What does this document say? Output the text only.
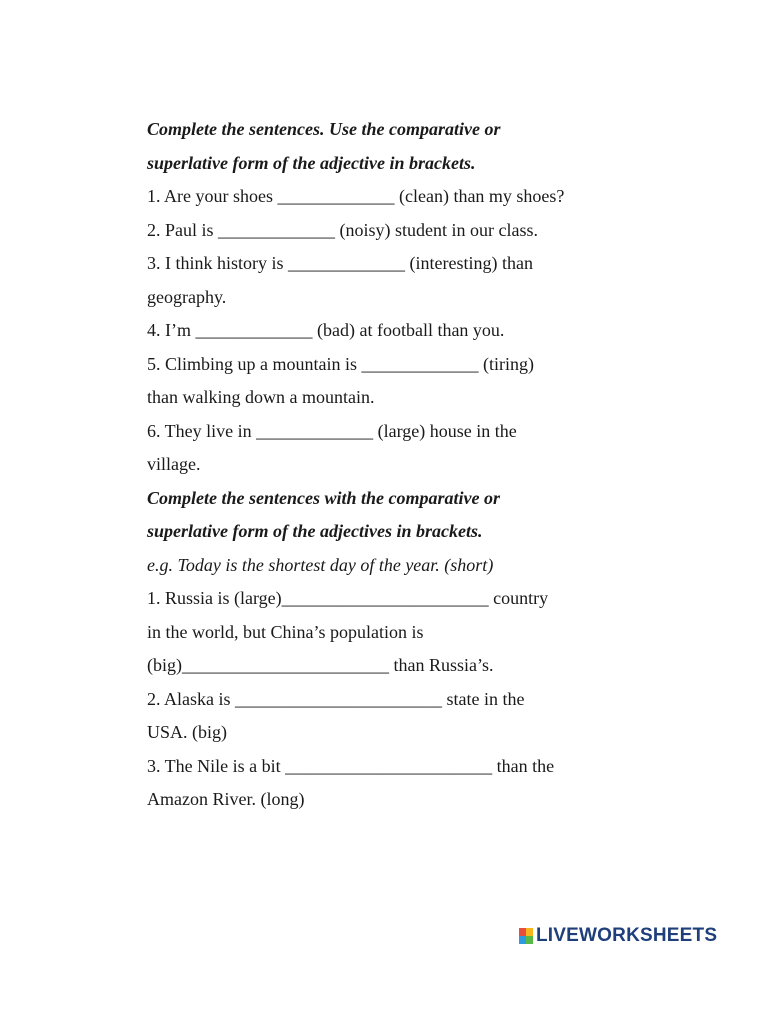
Complete the sentences. Use the comparative or
superlative form of the adjective in brackets.
1. Are your shoes _____________ (clean) than my shoes?
2. Paul is _____________ (noisy) student in our class.
3. I think history is _____________ (interesting) than
geography.
4. I’m _____________ (bad) at football than you.
5. Climbing up a mountain is _____________ (tiring)
than walking down a mountain.
6. They live in _____________ (large) house in the
village.
Complete the sentences with the comparative or
superlative form of the adjectives in brackets.
e.g. Today is the shortest day of the year. (short)
1. Russia is (large)_______________________ country
in the world, but China’s population is
(big)_______________________ than Russia’s.
2. Alaska is _______________________ state in the
USA. (big)
3. The Nile is a bit _______________________ than the
Amazon River. (long)
LIVEWORKSHEETS
